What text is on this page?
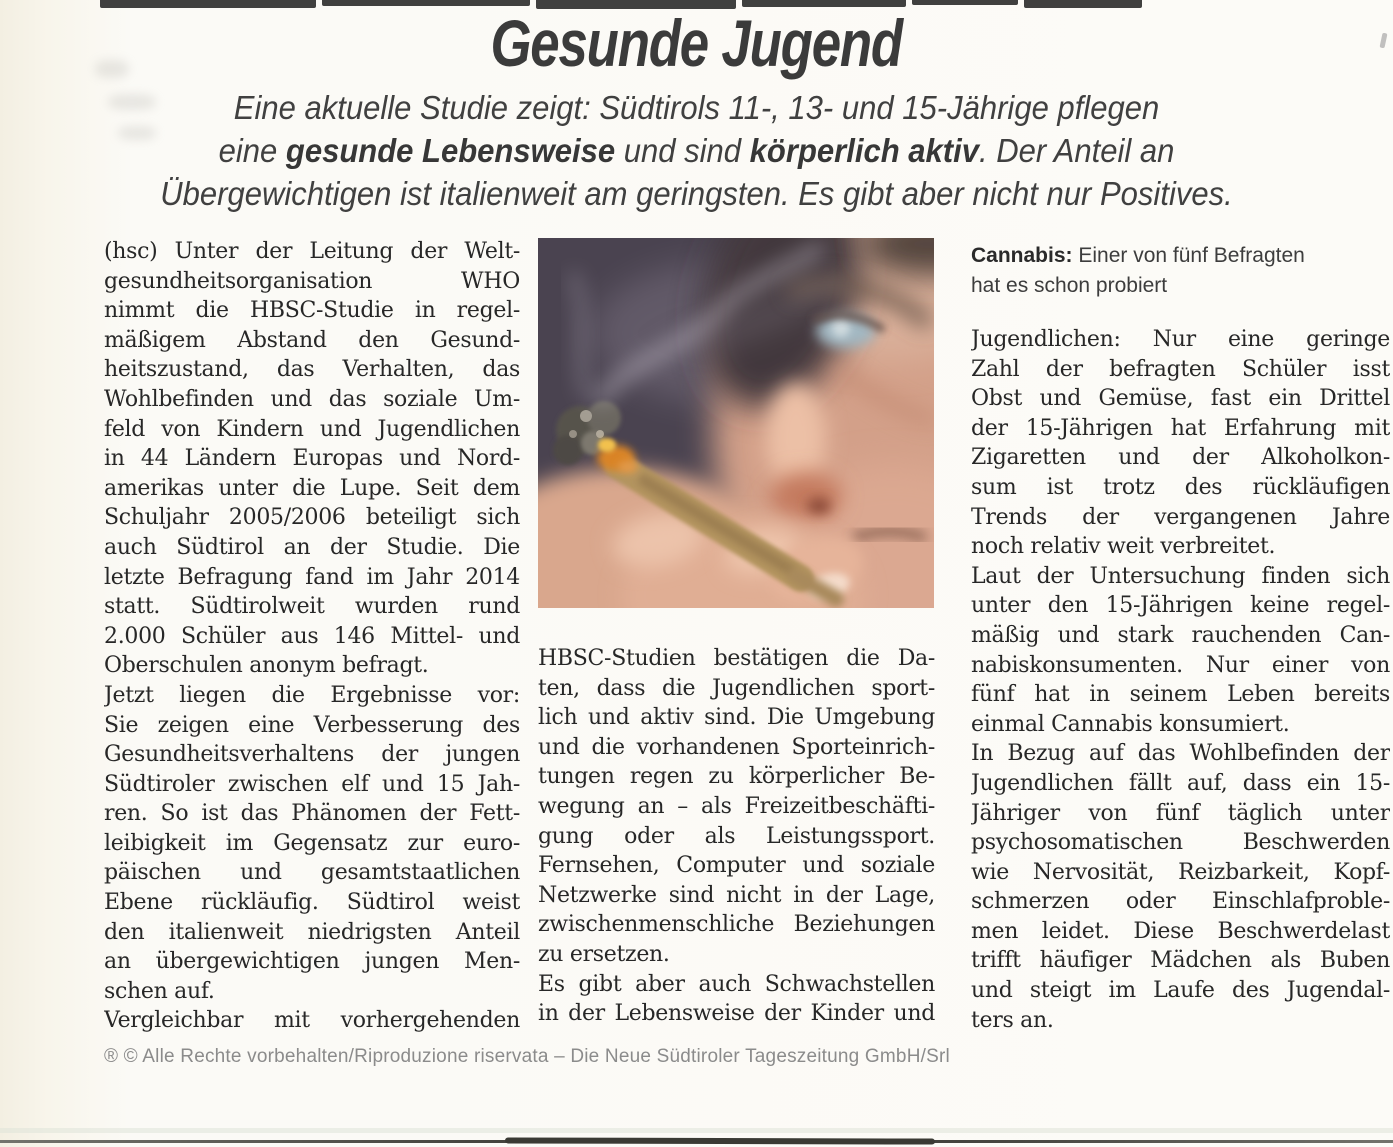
Gesunde Jugend
Eine aktuelle Studie zeigt: Südtirols 11-, 13- und 15-Jährige pflegen
eine gesunde Lebensweise und sind körperlich aktiv. Der Anteil an
Übergewichtigen ist italienweit am geringsten. Es gibt aber nicht nur Positives.
(hsc) Unter der Leitung der Welt-
gesundheitsorganisation WHO
nimmt die HBSC-Studie in regel-
mäßigem Abstand den Gesund-
heitszustand, das Verhalten, das
Wohlbefinden und das soziale Um-
feld von Kindern und Jugendlichen
in 44 Ländern Europas und Nord-
amerikas unter die Lupe. Seit dem
Schuljahr 2005/2006 beteiligt sich
auch Südtirol an der Studie. Die
letzte Befragung fand im Jahr 2014
statt. Südtirolweit wurden rund
2.000 Schüler aus 146 Mittel- und
Oberschulen anonym befragt.
Jetzt liegen die Ergebnisse vor:
Sie zeigen eine Verbesserung des
Gesundheitsverhaltens der jungen
Südtiroler zwischen elf und 15 Jah-
ren. So ist das Phänomen der Fett-
leibigkeit im Gegensatz zur euro-
päischen und gesamtstaatlichen
Ebene rückläufig. Südtirol weist
den italienweit niedrigsten Anteil
an übergewichtigen jungen Men-
schen auf.
Vergleichbar mit vorhergehenden
HBSC-Studien bestätigen die Da-
ten, dass die Jugendlichen sport-
lich und aktiv sind. Die Umgebung
und die vorhandenen Sporteinrich-
tungen regen zu körperlicher Be-
wegung an – als Freizeitbeschäfti-
gung oder als Leistungssport.
Fernsehen, Computer und soziale
Netzwerke sind nicht in der Lage,
zwischenmenschliche Beziehungen
zu ersetzen.
Es gibt aber auch Schwachstellen
in der Lebensweise der Kinder und
Cannabis: Einer von fünf Befragten
hat es schon probiert
Jugendlichen: Nur eine geringe
Zahl der befragten Schüler isst
Obst und Gemüse, fast ein Drittel
der 15-Jährigen hat Erfahrung mit
Zigaretten und der Alkoholkon-
sum ist trotz des rückläufigen
Trends der vergangenen Jahre
noch relativ weit verbreitet.
Laut der Untersuchung finden sich
unter den 15-Jährigen keine regel-
mäßig und stark rauchenden Can-
nabiskonsumenten. Nur einer von
fünf hat in seinem Leben bereits
einmal Cannabis konsumiert.
In Bezug auf das Wohlbefinden der
Jugendlichen fällt auf, dass ein 15-
Jähriger von fünf täglich unter
psychosomatischen Beschwerden
wie Nervosität, Reizbarkeit, Kopf-
schmerzen oder Einschlafproble-
men leidet. Diese Beschwerdelast
trifft häufiger Mädchen als Buben
und steigt im Laufe des Jugendal-
ters an.
® © Alle Rechte vorbehalten/Riproduzione riservata – Die Neue Südtiroler Tageszeitung GmbH/Srl
